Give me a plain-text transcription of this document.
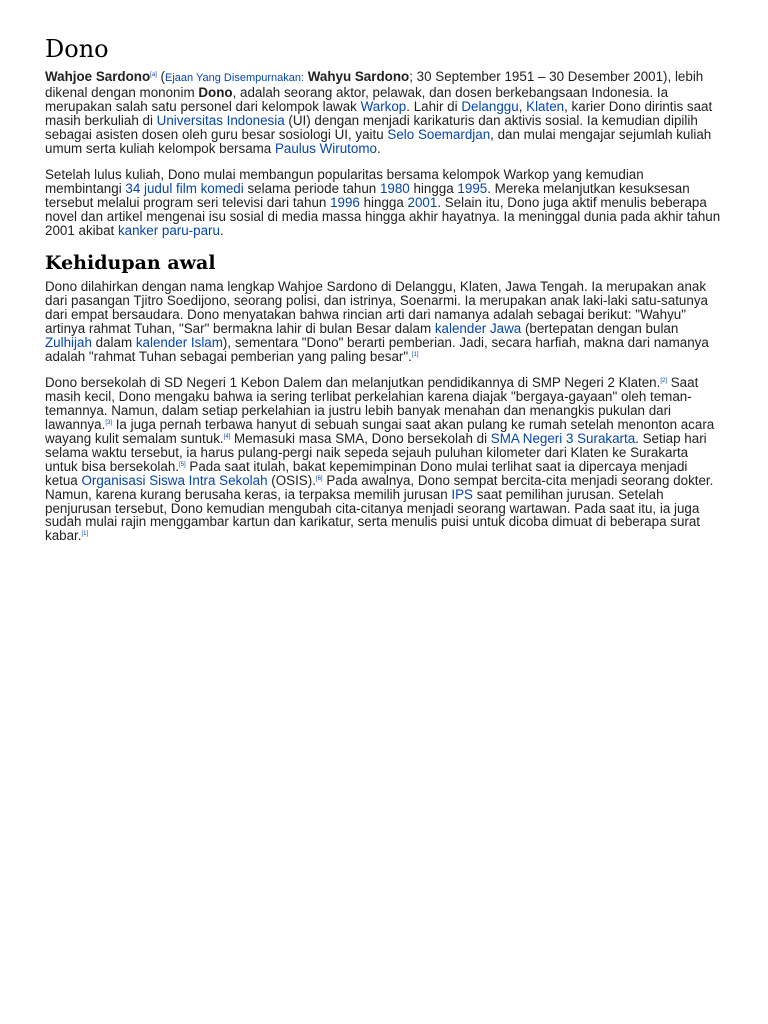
Dono

Wahjoe Sardono[a] (Ejaan Yang Disempurnakan: Wahyu Sardono; 30 September 1951 – 30 Desember 2001), lebih dikenal dengan mononim Dono, adalah seorang aktor, pelawak, dan dosen berkebangsaan Indonesia. Ia merupakan salah satu personel dari kelompok lawak Warkop. Lahir di Delanggu, Klaten, karier Dono dirintis saat masih berkuliah di Universitas Indonesia (UI) dengan menjadi karikaturis dan aktivis sosial. Ia kemudian dipilih sebagai asisten dosen oleh guru besar sosiologi UI, yaitu Selo Soemardjan, dan mulai mengajar sejumlah kuliah umum serta kuliah kelompok bersama Paulus Wirutomo.

Setelah lulus kuliah, Dono mulai membangun popularitas bersama kelompok Warkop yang kemudian membintangi 34 judul film komedi selama periode tahun 1980 hingga 1995. Mereka melanjutkan kesuksesan tersebut melalui program seri televisi dari tahun 1996 hingga 2001. Selain itu, Dono juga aktif menulis beberapa novel dan artikel mengenai isu sosial di media massa hingga akhir hayatnya. Ia meninggal dunia pada akhir tahun 2001 akibat kanker paru-paru.

Kehidupan awal

Dono dilahirkan dengan nama lengkap Wahjoe Sardono di Delanggu, Klaten, Jawa Tengah. Ia merupakan anak dari pasangan Tjitro Soedijono, seorang polisi, dan istrinya, Soenarmi. Ia merupakan anak laki-laki satu-satunya dari empat bersaudara. Dono menyatakan bahwa rincian arti dari namanya adalah sebagai berikut: "Wahyu" artinya rahmat Tuhan, "Sar" bermakna lahir di bulan Besar dalam kalender Jawa (bertepatan dengan bulan Zulhijah dalam kalender Islam), sementara "Dono" berarti pemberian. Jadi, secara harfiah, makna dari namanya adalah "rahmat Tuhan sebagai pemberian yang paling besar".[1]

Dono bersekolah di SD Negeri 1 Kebon Dalem dan melanjutkan pendidikannya di SMP Negeri 2 Klaten.[2] Saat masih kecil, Dono mengaku bahwa ia sering terlibat perkelahian karena diajak "bergaya-gayaan" oleh teman-temannya. Namun, dalam setiap perkelahian ia justru lebih banyak menahan dan menangkis pukulan dari lawannya.[3] Ia juga pernah terbawa hanyut di sebuah sungai saat akan pulang ke rumah setelah menonton acara wayang kulit semalam suntuk.[4] Memasuki masa SMA, Dono bersekolah di SMA Negeri 3 Surakarta. Setiap hari selama waktu tersebut, ia harus pulang-pergi naik sepeda sejauh puluhan kilometer dari Klaten ke Surakarta untuk bisa bersekolah.[5] Pada saat itulah, bakat kepemimpinan Dono mulai terlihat saat ia dipercaya menjadi ketua Organisasi Siswa Intra Sekolah (OSIS).[6] Pada awalnya, Dono sempat bercita-cita menjadi seorang dokter. Namun, karena kurang berusaha keras, ia terpaksa memilih jurusan IPS saat pemilihan jurusan. Setelah penjurusan tersebut, Dono kemudian mengubah cita-citanya menjadi seorang wartawan. Pada saat itu, ia juga sudah mulai rajin menggambar kartun dan karikatur, serta menulis puisi untuk dicoba dimuat di beberapa surat kabar.[1]
